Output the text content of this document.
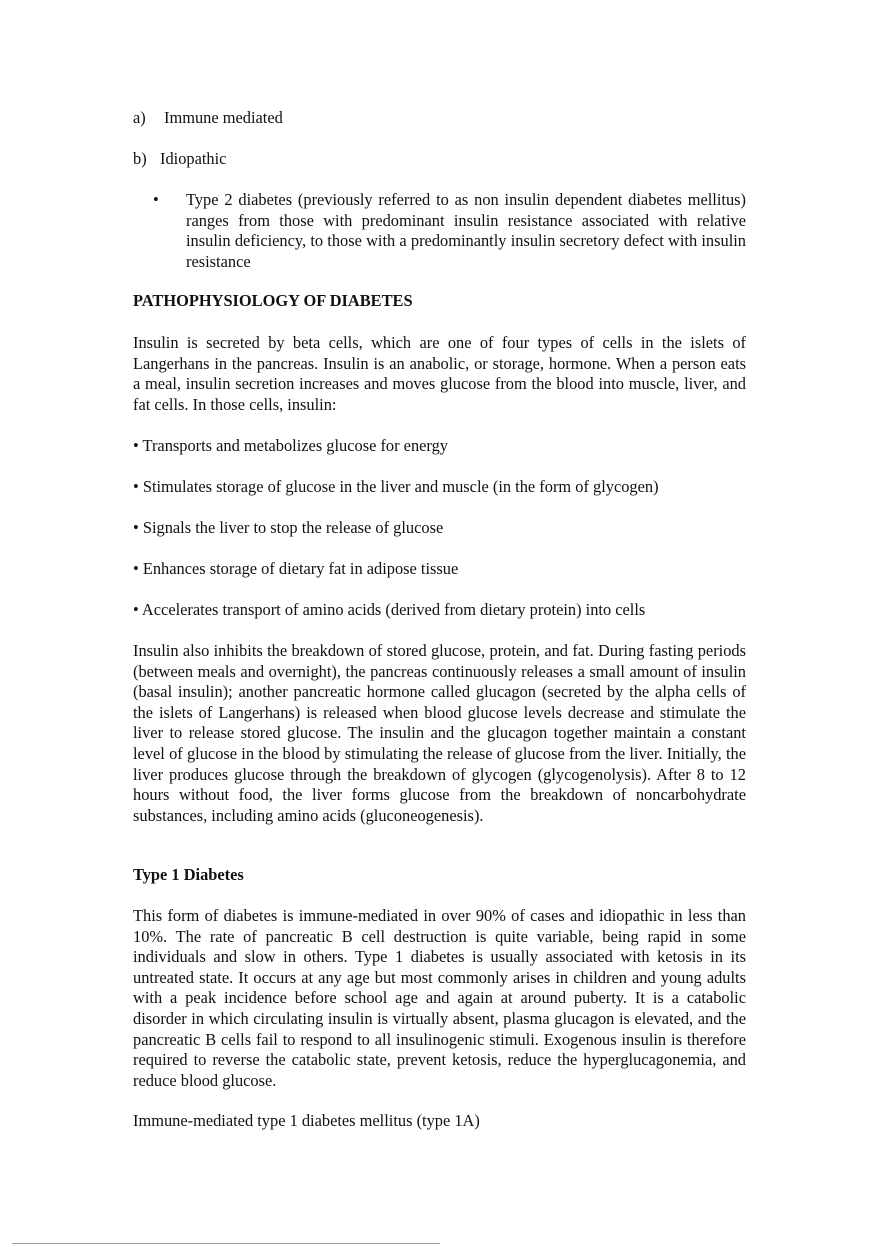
a) Immune mediated
b) Idiopathic
• Type 2 diabetes (previously referred to as non insulin dependent diabetes mellitus) ranges from those with predominant insulin resistance associated with relative insulin deficiency, to those with a predominantly insulin secretory defect with insulin resistance
PATHOPHYSIOLOGY OF DIABETES
Insulin is secreted by beta cells, which are one of four types of cells in the islets of Langerhans in the pancreas. Insulin is an anabolic, or storage, hormone. When a person eats a meal, insulin secretion increases and moves glucose from the blood into muscle, liver, and fat cells. In those cells, insulin:
• Transports and metabolizes glucose for energy
• Stimulates storage of glucose in the liver and muscle (in the form of glycogen)
• Signals the liver to stop the release of glucose
• Enhances storage of dietary fat in adipose tissue
• Accelerates transport of amino acids (derived from dietary protein) into cells
Insulin also inhibits the breakdown of stored glucose, protein, and fat. During fasting periods (between meals and overnight), the pancreas continuously releases a small amount of insulin (basal insulin); another pancreatic hormone called glucagon (secreted by the alpha cells of the islets of Langerhans) is released when blood glucose levels decrease and stimulate the liver to release stored glucose. The insulin and the glucagon together maintain a constant level of glucose in the blood by stimulating the release of glucose from the liver. Initially, the liver produces glucose through the breakdown of glycogen (glycogenolysis). After 8 to 12 hours without food, the liver forms glucose from the breakdown of noncarbohydrate substances, including amino acids (gluconeogenesis).
Type 1 Diabetes
This form of diabetes is immune-mediated in over 90% of cases and idiopathic in less than 10%. The rate of pancreatic B cell destruction is quite variable, being rapid in some individuals and slow in others. Type 1 diabetes is usually associated with ketosis in its untreated state. It occurs at any age but most commonly arises in children and young adults with a peak incidence before school age and again at around puberty. It is a catabolic disorder in which circulating insulin is virtually absent, plasma glucagon is elevated, and the pancreatic B cells fail to respond to all insulinogenic stimuli. Exogenous insulin is therefore required to reverse the catabolic state, prevent ketosis, reduce the hyperglucagonemia, and reduce blood glucose.
Immune-mediated type 1 diabetes mellitus (type 1A)
